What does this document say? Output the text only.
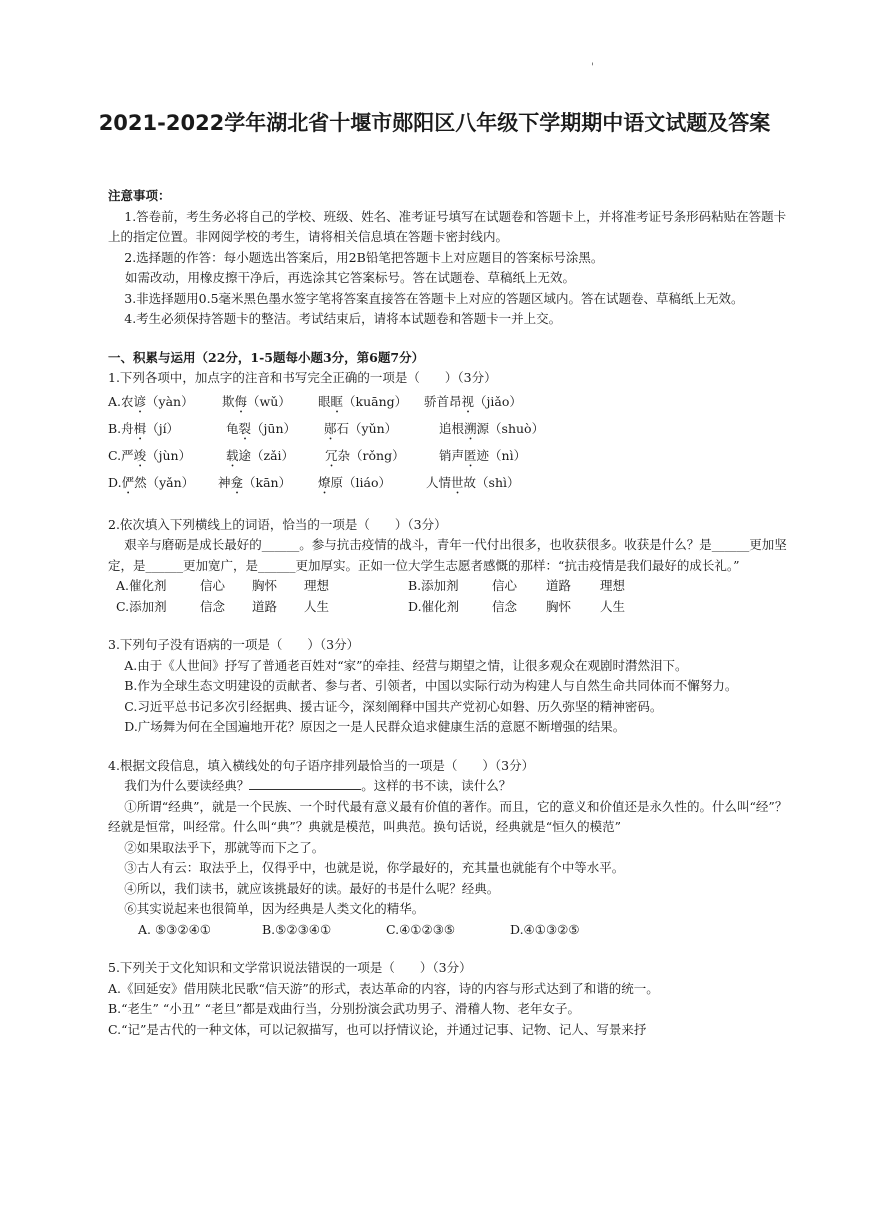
'
2021-2022学年湖北省十堰市郧阳区八年级下学期期中语文试题及答案
注意事项：
1.答卷前，考生务必将自己的学校、班级、姓名、准考证号填写在试题卷和答题卡上，并将准考证号条形码粘贴在答题卡上的指定位置。非网阅学校的考生，请将相关信息填在答题卡密封线内。
2.选择题的作答：每小题选出答案后，用2B铅笔把答题卡上对应题目的答案标号涂黑。
如需改动，用橡皮擦干净后，再选涂其它答案标号。答在试题卷、草稿纸上无效。
3.非选择题用0.5毫米黑色墨水签字笔将答案直接答在答题卡上对应的答题区域内。答在试题卷、草稿纸上无效。
4.考生必须保持答题卡的整洁。考试结束后，请将本试题卷和答题卡一并上交。
一、积累与运用（22分，1-5题每小题3分，第6题7分）
1.下列各项中，加点字的注音和书写完全正确的一项是（　　）（3分）
A.农谚（yàn）	欺侮（wǔ）	眼眶（kuāng）	骄首昂视（jiǎo）
B.舟楫（jí）	龟裂（jūn）	郧石（yǔn）	追根溯源（shuò）
C.严竣（jùn）	载途（zǎi）	冗杂（rǒng）	销声匿迹（nì）
D.俨然（yǎn）	神龛（kān）	燎原（liáo）	人情世故（shì）
2.依次填入下列横线上的词语，恰当的一项是（　　）（3分）
艰辛与磨砺是成长最好的______。参与抗击疫情的战斗，青年一代付出很多，也收获很多。收获是什么？是______更加坚定，是______更加宽广，是______更加厚实。正如一位大学生志愿者感慨的那样：“抗击疫情是我们最好的成长礼。”
A.催化剂	信心	胸怀	理想	B.添加剂	信心	道路	理想
C.添加剂	信念	道路	人生	D.催化剂	信念	胸怀	人生
3.下列句子没有语病的一项是（　　）（3分）
A.由于《人世间》抒写了普通老百姓对“家”的牵挂、经营与期望之情，让很多观众在观剧时潸然泪下。
B.作为全球生态文明建设的贡献者、参与者、引领者，中国以实际行动为构建人与自然生命共同体而不懈努力。
C.习近平总书记多次引经据典、援古证今，深刻阐释中国共产党初心如磐、历久弥坚的精神密码。
D.广场舞为何在全国遍地开花？原因之一是人民群众追求健康生活的意愿不断增强的结果。
4.根据文段信息，填入横线处的句子语序排列最恰当的一项是（　　）（3分）
我们为什么要读经典？	。这样的书不读，读什么？
①所谓“经典”，就是一个民族、一个时代最有意义最有价值的著作。而且，它的意义和价值还是永久性的。什么叫“经”？经就是恒常，叫经常。什么叫“典”？典就是模范，叫典范。换句话说，经典就是“恒久的模范”
②如果取法乎下，那就等而下之了。
③古人有云：取法乎上，仅得乎中，也就是说，你学最好的，充其量也就能有个中等水平。
④所以，我们读书，就应该挑最好的读。最好的书是什么呢？经典。
⑥其实说起来也很简单，因为经典是人类文化的精华。
A. ⑤③②④①	B.⑤②③④①	C.④①②③⑤	D.④①③②⑤
5.下列关于文化知识和文学常识说法错误的一项是（　　）（3分）
A.《回延安》借用陕北民歌“信天游”的形式，表达革命的内容，诗的内容与形式达到了和谐的统一。
B.“老生” “小丑” “老旦”都是戏曲行当，分别扮演会武功男子、滑稽人物、老年女子。
C.“记”是古代的一种文体，可以记叙描写，也可以抒情议论，并通过记事、记物、记人、写景来抒
